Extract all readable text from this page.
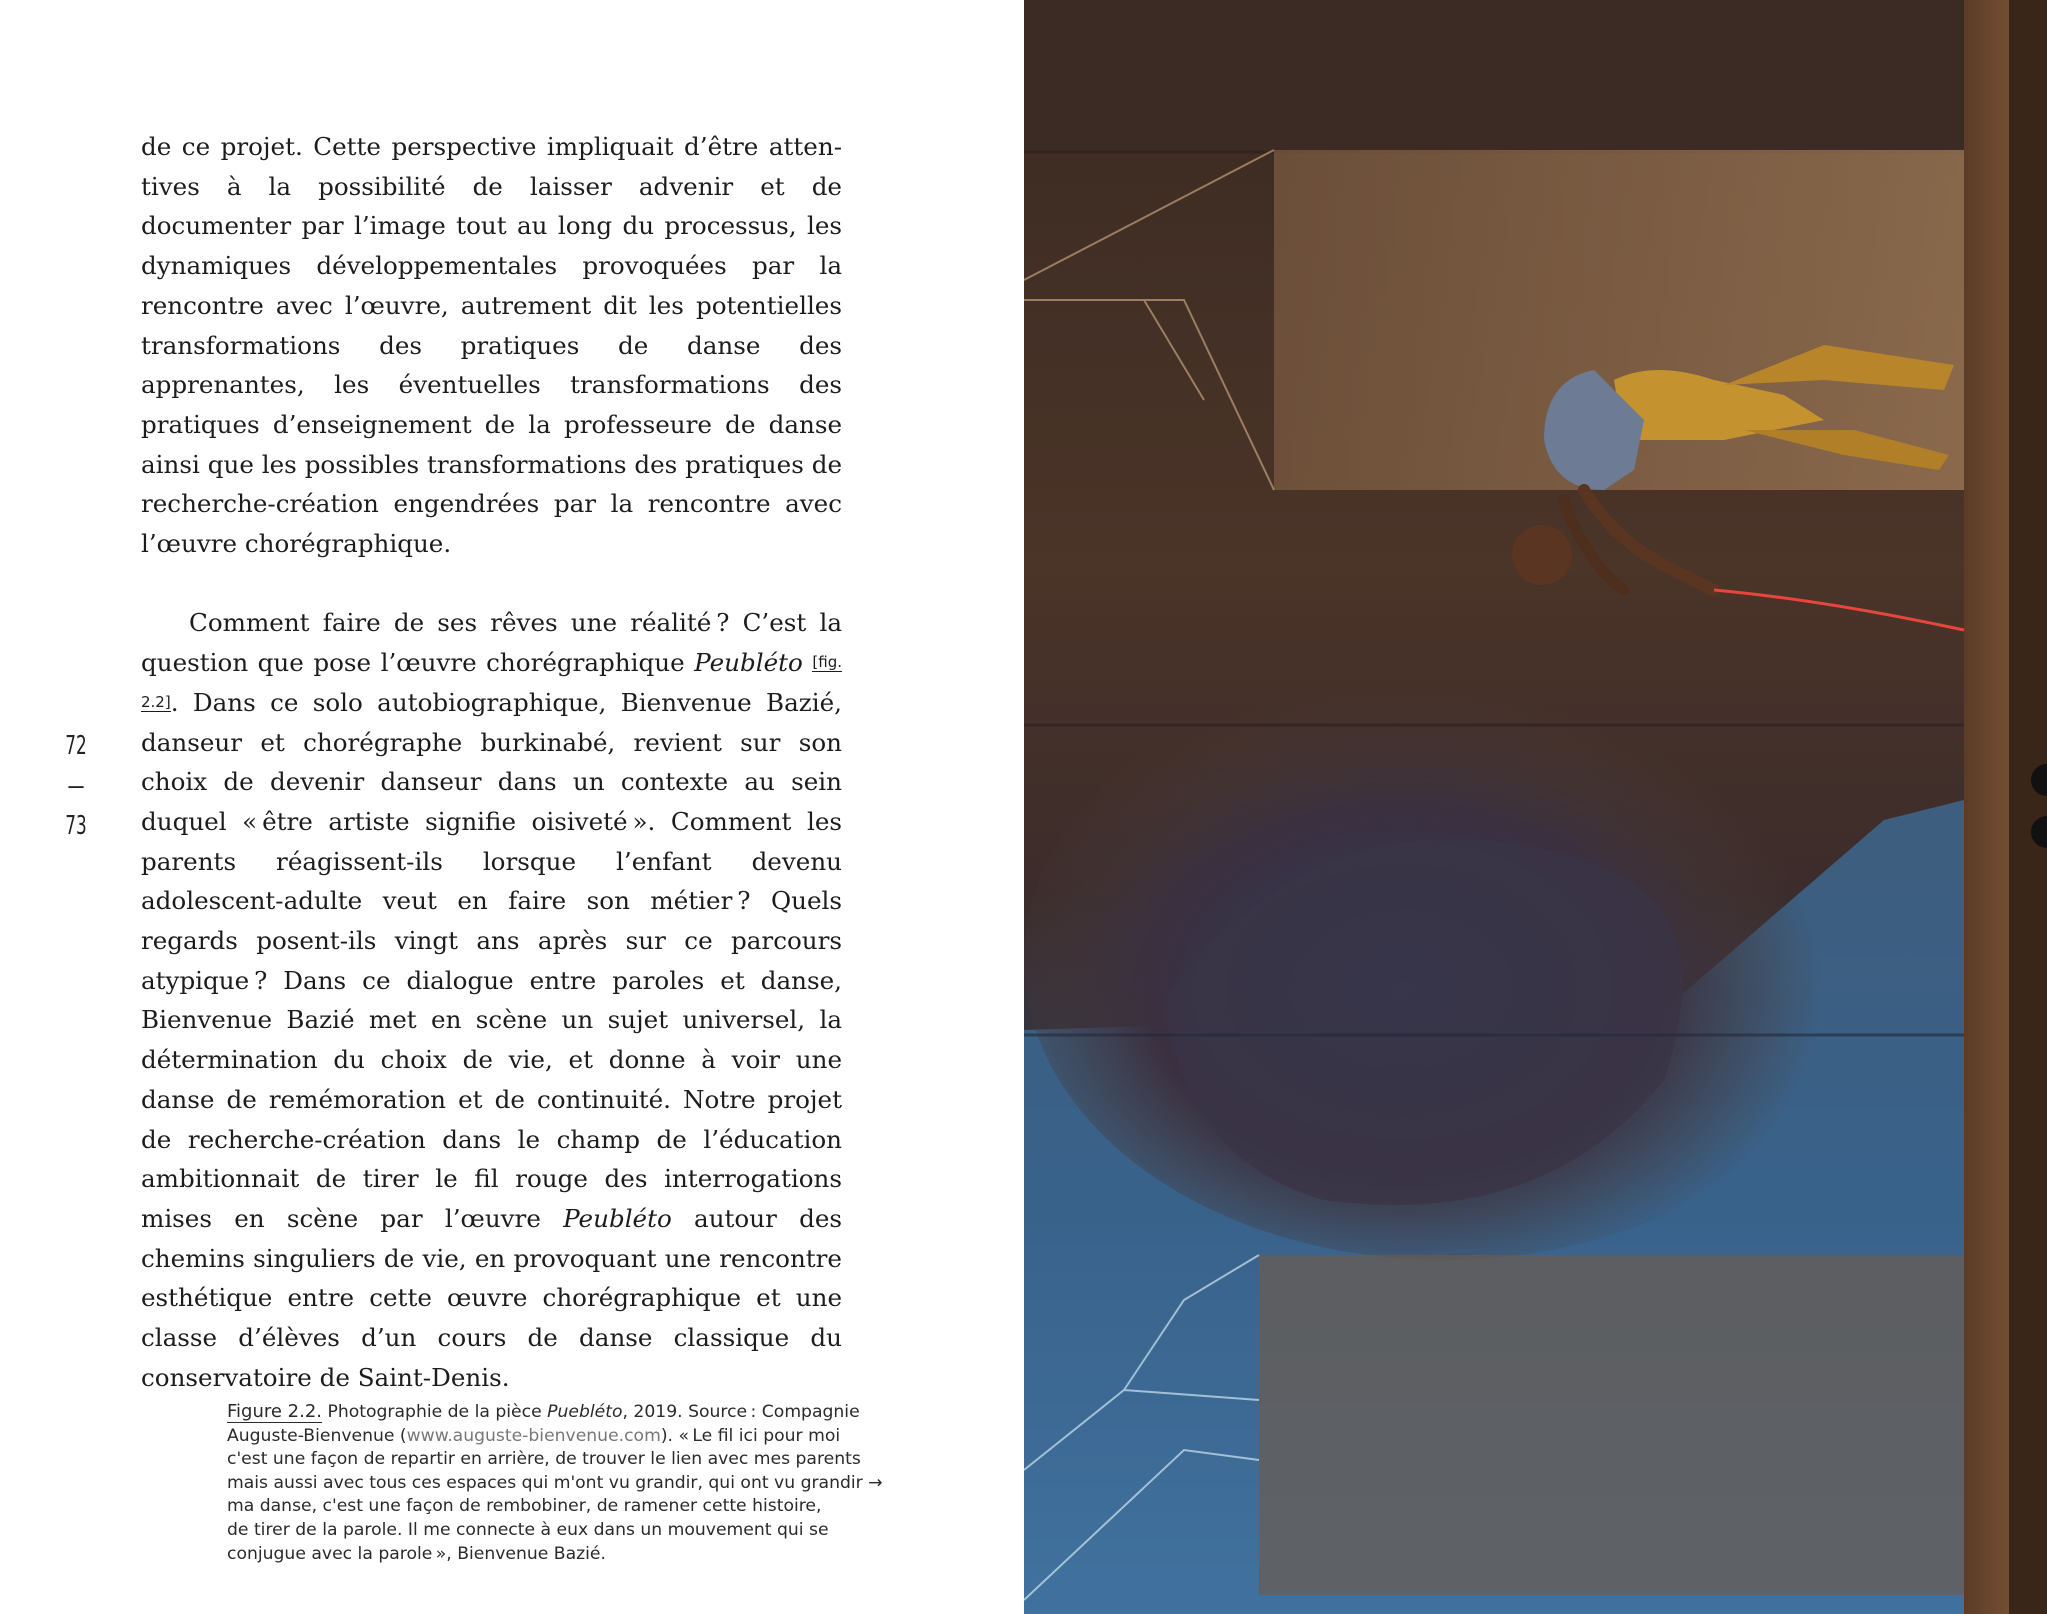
de ce projet. Cette perspective impliquait d’être attentives à la possibilité de laisser advenir et de documenter par l’image tout au long du processus, les dynamiques développementales provoquées par la rencontre avec l’œuvre, autrement dit les potentielles transformations des pratiques de danse des apprenantes, les éventuelles transformations des pratiques d’enseignement de la professeure de danse ainsi que les possibles transformations des pratiques de recherche-création engendrées par la rencontre avec l’œuvre chorégraphique.

Comment faire de ses rêves une réalité ? C’est la question que pose l’œuvre chorégraphique Peubléto [fig. 2.2]. Dans ce solo autobiographique, Bienvenue Bazié, danseur et chorégraphe burkinabé, revient sur son choix de devenir danseur dans un contexte au sein duquel « être artiste signifie oisiveté ». Comment les parents réagissent-ils lorsque l’enfant devenu adolescent-adulte veut en faire son métier ? Quels regards posent-ils vingt ans après sur ce parcours atypique ? Dans ce dialogue entre paroles et danse, Bienvenue Bazié met en scène un sujet universel, la détermination du choix de vie, et donne à voir une danse de remémoration et de continuité. Notre projet de recherche-création dans le champ de l’éducation ambitionnait de tirer le fil rouge des interrogations mises en scène par l’œuvre Peubléto autour des chemins singuliers de vie, en provoquant une rencontre esthétique entre cette œuvre chorégraphique et une classe d’élèves d’un cours de danse classique du conservatoire de Saint-Denis.

72
—
73
Figure 2.2. Photographie de la pièce Puebléto, 2019. Source : Compagnie
Auguste-Bienvenue (www.auguste-bienvenue.com). « Le fil ici pour moi
c'est une façon de repartir en arrière, de trouver le lien avec mes parents
mais aussi avec tous ces espaces qui m'ont vu grandir, qui ont vu grandir →
ma danse, c'est une façon de rembobiner, de ramener cette histoire,
de tirer de la parole. Il me connecte à eux dans un mouvement qui se
conjugue avec la parole », Bienvenue Bazié.
